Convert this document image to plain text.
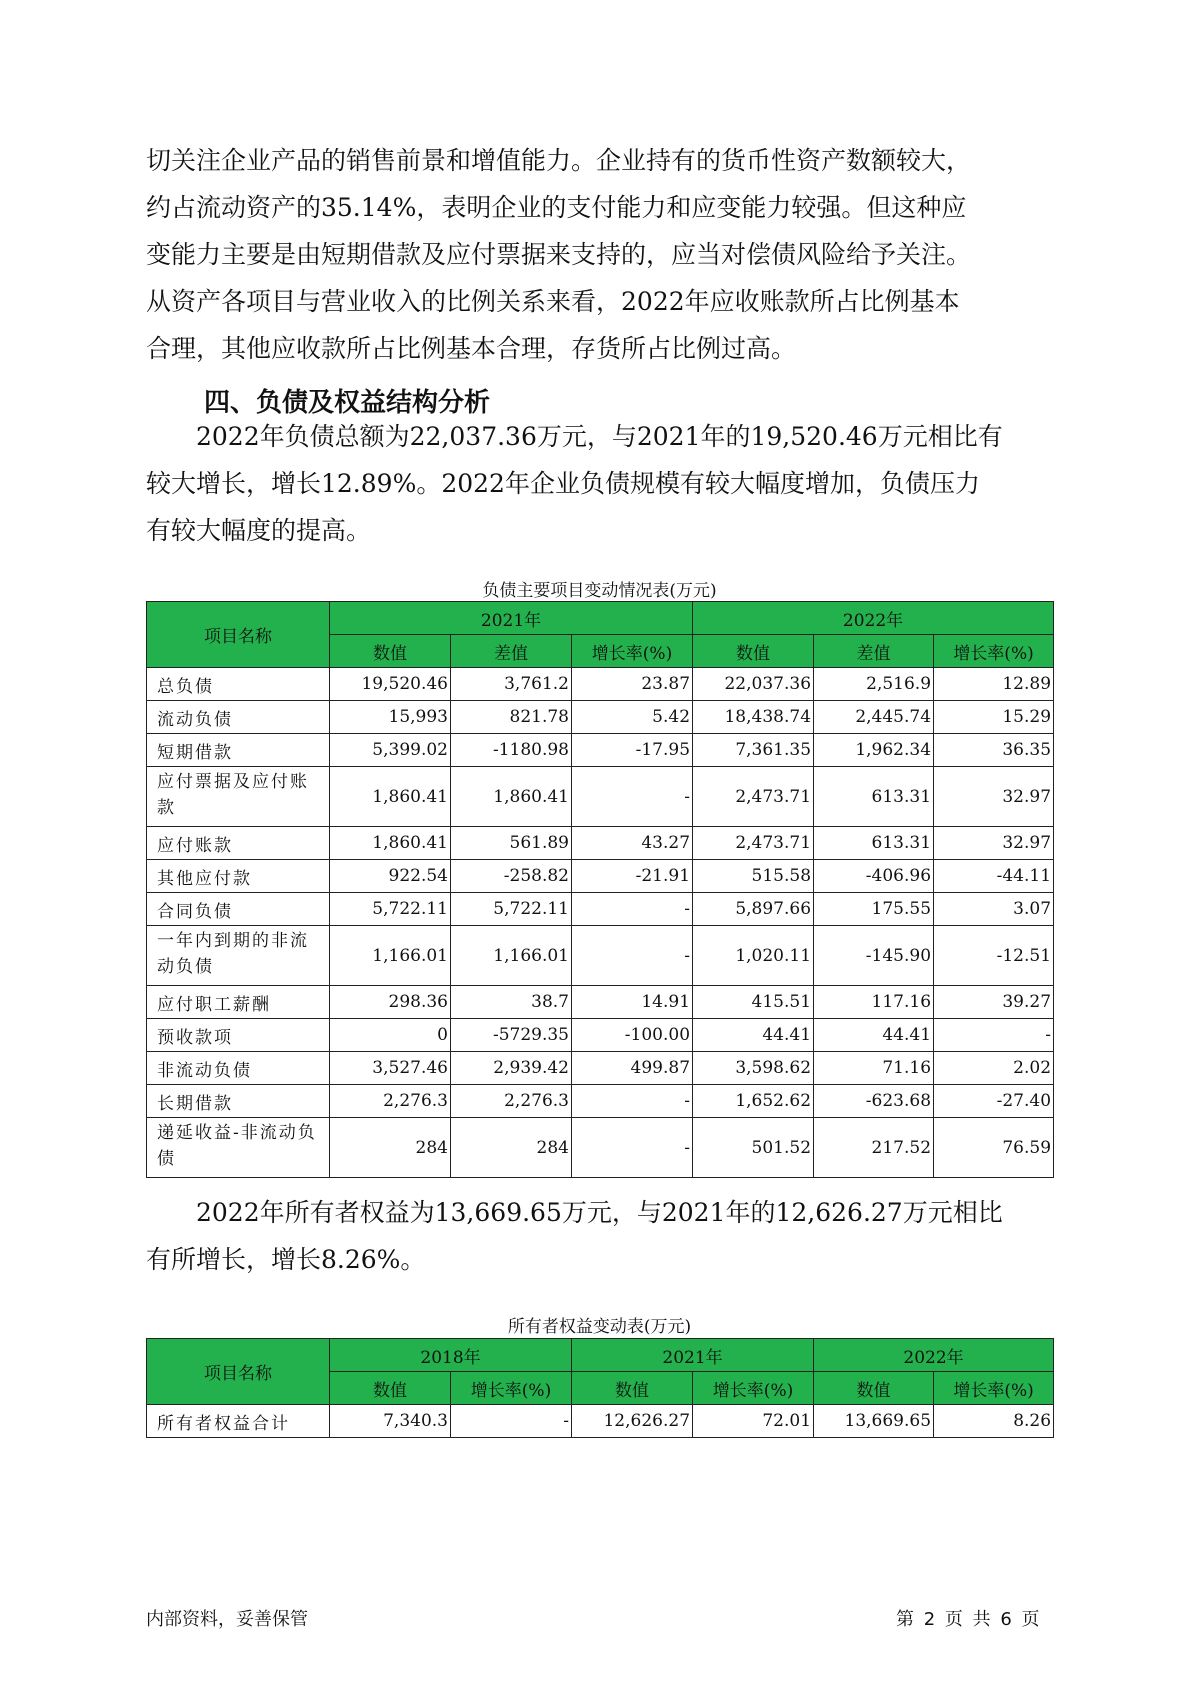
切关注企业产品的销售前景和增值能力。企业持有的货币性资产数额较大，
约占流动资产的35.14%，表明企业的支付能力和应变能力较强。但这种应
变能力主要是由短期借款及应付票据来支持的，应当对偿债风险给予关注。
从资产各项目与营业收入的比例关系来看，2022年应收账款所占比例基本
合理，其他应收款所占比例基本合理，存货所占比例过高。
四、负债及权益结构分析
2022年负债总额为22,037.36万元，与2021年的19,520.46万元相比有
较大增长，增长12.89%。2022年企业负债规模有较大幅度增加，负债压力
有较大幅度的提高。
负债主要项目变动情况表(万元)
项目名称	2021年			2022年		
	数值	差值	增长率(%)	数值	差值	增长率(%)
总负债	19,520.46	3,761.2	23.87	22,037.36	2,516.9	12.89
流动负债	15,993	821.78	5.42	18,438.74	2,445.74	15.29
短期借款	5,399.02	-1180.98	-17.95	7,361.35	1,962.34	36.35
应付票据及应付账款	1,860.41	1,860.41	-	2,473.71	613.31	32.97
应付账款	1,860.41	561.89	43.27	2,473.71	613.31	32.97
其他应付款	922.54	-258.82	-21.91	515.58	-406.96	-44.11
合同负债	5,722.11	5,722.11	-	5,897.66	175.55	3.07
一年内到期的非流动负债	1,166.01	1,166.01	-	1,020.11	-145.90	-12.51
应付职工薪酬	298.36	38.7	14.91	415.51	117.16	39.27
预收款项	0	-5729.35	-100.00	44.41	44.41	-
非流动负债	3,527.46	2,939.42	499.87	3,598.62	71.16	2.02
长期借款	2,276.3	2,276.3	-	1,652.62	-623.68	-27.40
递延收益-非流动负债	284	284	-	501.52	217.52	76.59
2022年所有者权益为13,669.65万元，与2021年的12,626.27万元相比
有所增长，增长8.26%。
所有者权益变动表(万元)
项目名称	2018年		2021年		2022年	
	数值	增长率(%)	数值	增长率(%)	数值	增长率(%)
所有者权益合计	7,340.3	-	12,626.27	72.01	13,669.65	8.26
内部资料，妥善保管	第 2 页 共 6 页
